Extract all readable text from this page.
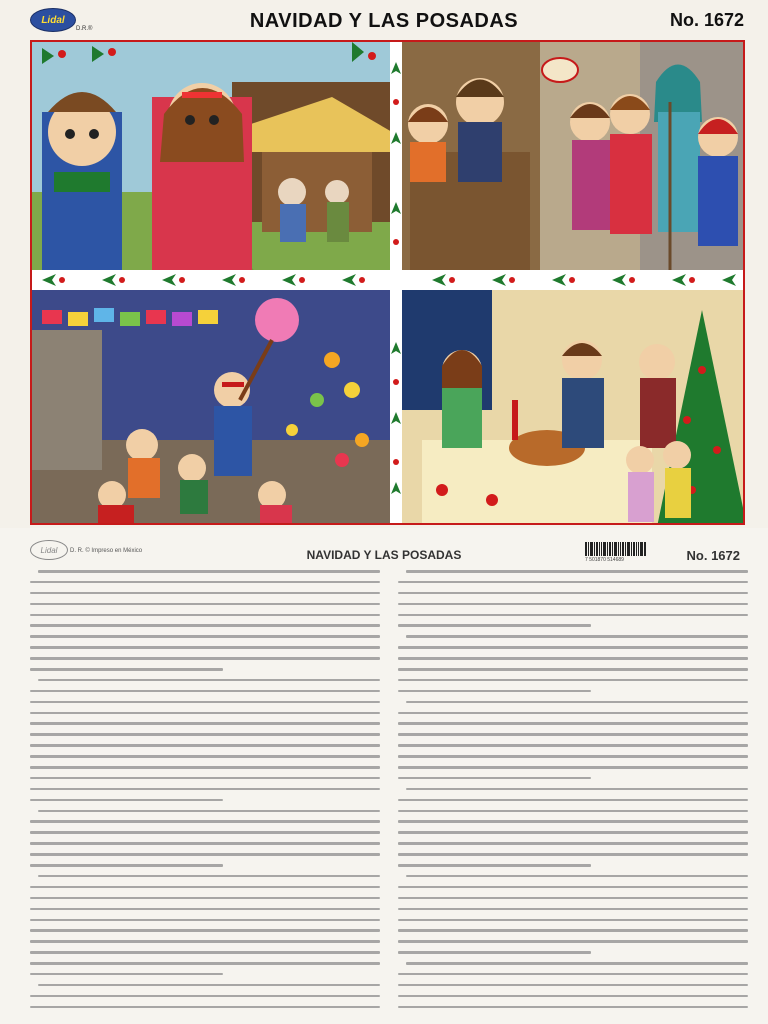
Lidal
D.R.®	NAVIDAD Y LAS POSADAS	No. 1672
Lidal D. R. © Impreso en México	NAVIDAD Y LAS POSADAS	7 501870 514689	No. 1672
